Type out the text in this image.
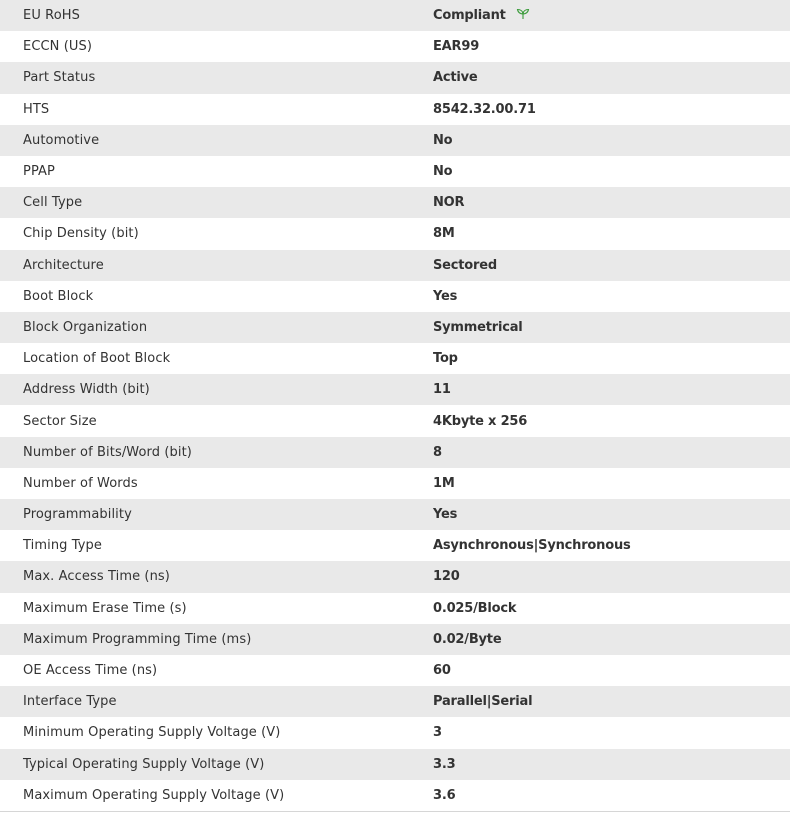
EU RoHS	Compliant
ECCN (US)	EAR99
Part Status	Active
HTS	8542.32.00.71
Automotive	No
PPAP	No
Cell Type	NOR
Chip Density (bit)	8M
Architecture	Sectored
Boot Block	Yes
Block Organization	Symmetrical
Location of Boot Block	Top
Address Width (bit)	11
Sector Size	4Kbyte x 256
Number of Bits/Word (bit)	8
Number of Words	1M
Programmability	Yes
Timing Type	Asynchronous|Synchronous
Max. Access Time (ns)	120
Maximum Erase Time (s)	0.025/Block
Maximum Programming Time (ms)	0.02/Byte
OE Access Time (ns)	60
Interface Type	Parallel|Serial
Minimum Operating Supply Voltage (V)	3
Typical Operating Supply Voltage (V)	3.3
Maximum Operating Supply Voltage (V)	3.6
